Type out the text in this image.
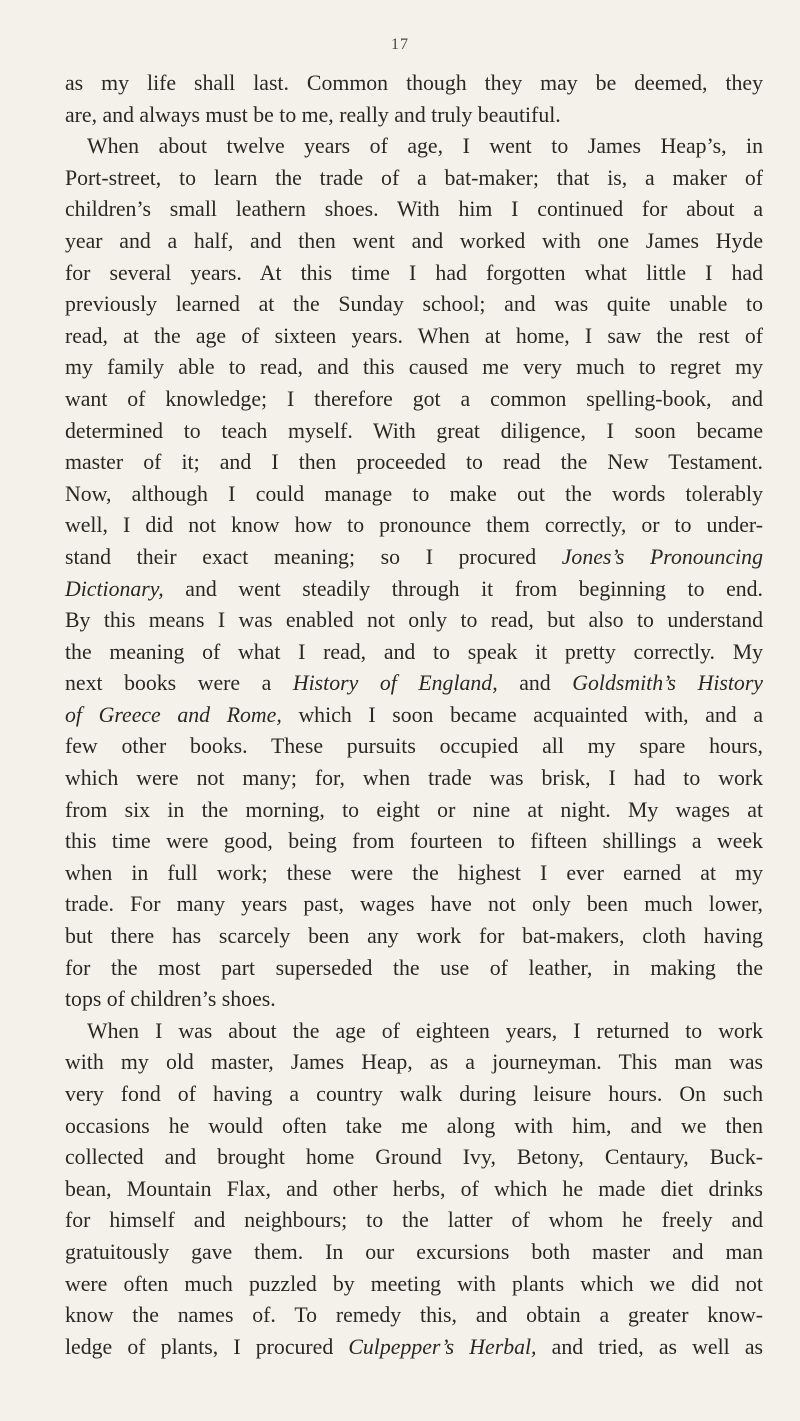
17
as my life shall last. Common though they may be deemed, they
are, and always must be to me, really and truly beautiful.
When about twelve years of age, I went to James Heap’s, in
Port-street, to learn the trade of a bat-maker; that is, a maker of
children’s small leathern shoes. With him I continued for about a
year and a half, and then went and worked with one James Hyde
for several years. At this time I had forgotten what little I had
previously learned at the Sunday school; and was quite unable to
read, at the age of sixteen years. When at home, I saw the rest of
my family able to read, and this caused me very much to regret my
want of knowledge; I therefore got a common spelling-book, and
determined to teach myself. With great diligence, I soon became
master of it; and I then proceeded to read the New Testament.
Now, although I could manage to make out the words tolerably
well, I did not know how to pronounce them correctly, or to under-
stand their exact meaning; so I procured Jones’s Pronouncing
Dictionary, and went steadily through it from beginning to end.
By this means I was enabled not only to read, but also to understand
the meaning of what I read, and to speak it pretty correctly. My
next books were a History of England, and Goldsmith’s History
of Greece and Rome, which I soon became acquainted with, and a
few other books. These pursuits occupied all my spare hours,
which were not many; for, when trade was brisk, I had to work
from six in the morning, to eight or nine at night. My wages at
this time were good, being from fourteen to fifteen shillings a week
when in full work; these were the highest I ever earned at my
trade. For many years past, wages have not only been much lower,
but there has scarcely been any work for bat-makers, cloth having
for the most part superseded the use of leather, in making the
tops of children’s shoes.
When I was about the age of eighteen years, I returned to work
with my old master, James Heap, as a journeyman. This man was
very fond of having a country walk during leisure hours. On such
occasions he would often take me along with him, and we then
collected and brought home Ground Ivy, Betony, Centaury, Buck-
bean, Mountain Flax, and other herbs, of which he made diet drinks
for himself and neighbours; to the latter of whom he freely and
gratuitously gave them. In our excursions both master and man
were often much puzzled by meeting with plants which we did not
know the names of. To remedy this, and obtain a greater know-
ledge of plants, I procured Culpepper’s Herbal, and tried, as well as
